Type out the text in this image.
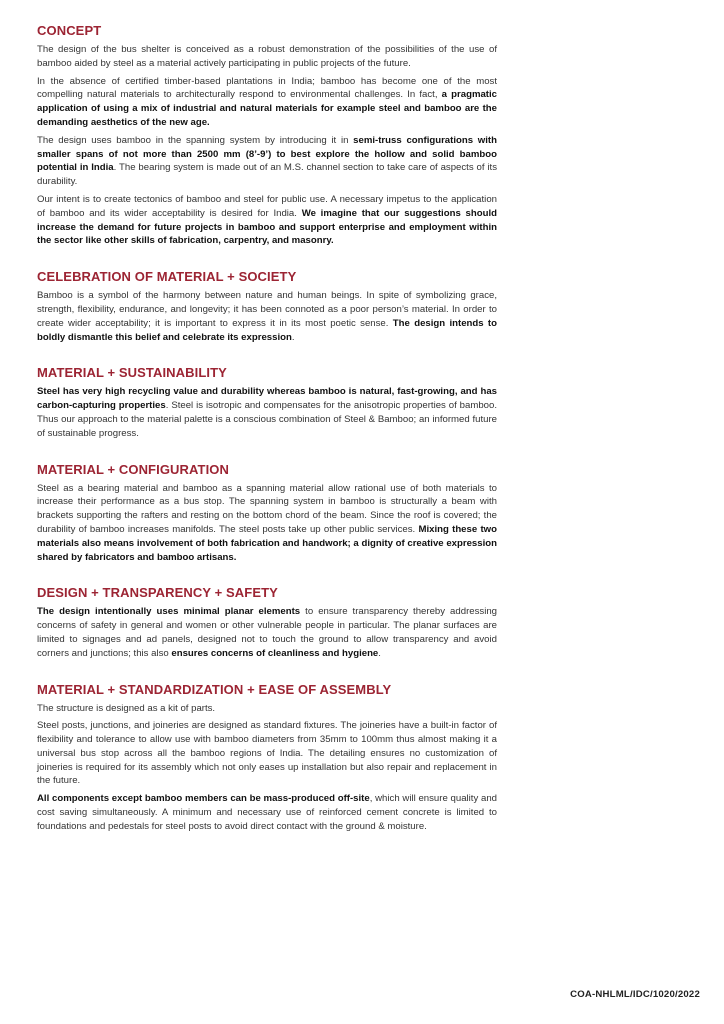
CONCEPT

The design of the bus shelter is conceived as a robust demonstration of the possibilities of the use of bamboo aided by steel as a material actively participating in public projects of the future.

In the absence of certified timber-based plantations in India; bamboo has become one of the most compelling natural materials to architecturally respond to environmental challenges. In fact, a pragmatic application of using a mix of industrial and natural materials for example steel and bamboo are the demanding aesthetics of the new age.

The design uses bamboo in the spanning system by introducing it in semi-truss configurations with smaller spans of not more than 2500 mm (8’-9’) to best explore the hollow and solid bamboo potential in India. The bearing system is made out of an M.S. channel section to take care of aspects of its durability.

Our intent is to create tectonics of bamboo and steel for public use. A necessary impetus to the application of bamboo and its wider acceptability is desired for India. We imagine that our suggestions should increase the demand for future projects in bamboo and support enterprise and employment within the sector like other skills of fabrication, carpentry, and masonry.

CELEBRATION OF MATERIAL + SOCIETY

Bamboo is a symbol of the harmony between nature and human beings. In spite of symbolizing grace, strength, flexibility, endurance, and longevity; it has been connoted as a poor person’s material. In order to create wider acceptability; it is important to express it in its most poetic sense. The design intends to boldly dismantle this belief and celebrate its expression.

MATERIAL + SUSTAINABILITY

Steel has very high recycling value and durability whereas bamboo is natural, fast-growing, and has carbon-capturing properties. Steel is isotropic and compensates for the anisotropic properties of bamboo. Thus our approach to the material palette is a conscious combination of Steel & Bamboo; an informed future of sustainable progress.

MATERIAL + CONFIGURATION

Steel as a bearing material and bamboo as a spanning material allow rational use of both materials to increase their performance as a bus stop. The spanning system in bamboo is structurally a beam with brackets supporting the rafters and resting on the bottom chord of the beam. Since the roof is covered; the durability of bamboo increases manifolds. The steel posts take up other public services. Mixing these two materials also means involvement of both fabrication and handwork; a dignity of creative expression shared by fabricators and bamboo artisans.

DESIGN + TRANSPARENCY + SAFETY

The design intentionally uses minimal planar elements to ensure transparency thereby addressing concerns of safety in general and women or other vulnerable people in particular. The planar surfaces are limited to signages and ad panels, designed not to touch the ground to allow transparency and avoid corners and junctions; this also ensures concerns of cleanliness and hygiene.

MATERIAL + STANDARDIZATION + EASE OF ASSEMBLY

The structure is designed as a kit of parts.

Steel posts, junctions, and joineries are designed as standard fixtures. The joineries have a built-in factor of flexibility and tolerance to allow use with bamboo diameters from 35mm to 100mm thus almost making it a universal bus stop across all the bamboo regions of India. The detailing ensures no customization of joineries is required for its assembly which not only eases up installation but also repair and replacement in the future.

All components except bamboo members can be mass-produced off-site, which will ensure quality and cost saving simultaneously. A minimum and necessary use of reinforced cement concrete is limited to foundations and pedestals for steel posts to avoid direct contact with the ground & moisture.

COA-NHLML/IDC/1020/2022
